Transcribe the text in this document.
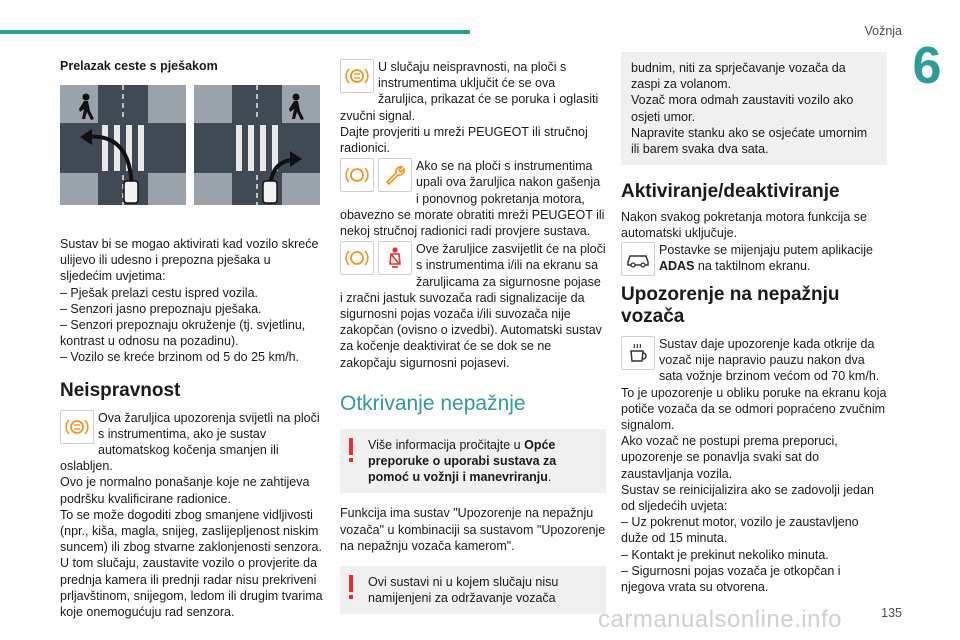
Vožnja
6
Prelazak ceste s pješakom
Sustav bi se mogao aktivirati kad vozilo skreće ulijevo ili udesno i prepozna pješaka u sljedećim uvjetima:
– Pješak prelazi cestu ispred vozila.
– Senzori jasno prepoznaju pješaka.
– Senzori prepoznaju okruženje (tj. svjetlinu, kontrast u odnosu na pozadinu).
– Vozilo se kreće brzinom od 5 do 25 km/h.
Neispravnost
Ova žaruljica upozorenja svijetli na ploči s instrumentima, ako je sustav automatskog kočenja smanjen ili oslabljen.
Ovo je normalno ponašanje koje ne zahtijeva podršku kvalificirane radionice.
To se može dogoditi zbog smanjene vidljivosti (npr., kiša, magla, snijeg, zaslijepljenost niskim suncem) ili zbog stvarne zaklonjenosti senzora.
U tom slučaju, zaustavite vozilo o provjerite da prednja kamera ili prednji radar nisu prekriveni prljavštinom, snijegom, ledom ili drugim tvarima koje onemogućuju rad senzora.
U slučaju neispravnosti, na ploči s instrumentima uključit će se ova žaruljica, prikazat će se poruka i oglasiti zvučni signal.
Dajte provjeriti u mreži PEUGEOT ili stručnoj radionici.
Ako se na ploči s instrumentima upali ova žaruljica nakon gašenja i ponovnog pokretanja motora, obavezno se morate obratiti mreži PEUGEOT ili nekoj stručnoj radionici radi provjere sustava.
Ove žaruljice zasvijetlit će na ploči s instrumentima i/ili na ekranu sa žaruljicama za sigurnosne pojase i zračni jastuk suvozača radi signalizacije da sigurnosni pojas vozača i/ili suvozača nije zakopčan (ovisno o izvedbi). Automatski sustav za kočenje deaktivirat će se dok se ne zakopčaju sigurnosni pojasevi.
Otkrivanje nepažnje
Više informacija pročitajte u Opće preporuke o uporabi sustava za pomoć u vožnji i manevriranju.
Funkcija ima sustav "Upozorenje na nepažnju vozača" u kombinaciji sa sustavom "Upozorenje na nepažnju vozača kamerom".
Ovi sustavi ni u kojem slučaju nisu namijenjeni za održavanje vozača
budnim, niti za sprječavanje vozača da zaspi za volanom.
Vozač mora odmah zaustaviti vozilo ako osjeti umor.
Napravite stanku ako se osjećate umornim ili barem svaka dva sata.
Aktiviranje/deaktiviranje
Nakon svakog pokretanja motora funkcija se automatski uključuje.
Postavke se mijenjaju putem aplikacije ADAS na taktilnom ekranu.
Upozorenje na nepažnju vozača
Sustav daje upozorenje kada otkrije da vozač nije napravio pauzu nakon dva sata vožnje brzinom većom od 70 km/h.
To je upozorenje u obliku poruke na ekranu koja potiče vozača da se odmori popraćeno zvučnim signalom.
Ako vozač ne postupi prema preporuci, upozorenje se ponavlja svaki sat do zaustavljanja vozila.
Sustav se reinicijalizira ako se zadovolji jedan od sljedećih uvjeta:
– Uz pokrenut motor, vozilo je zaustavljeno duže od 15 minuta.
– Kontakt je prekinut nekoliko minuta.
– Sigurnosni pojas vozača je otkopčan i njegova vrata su otvorena.
carmanualsonline.info	135
